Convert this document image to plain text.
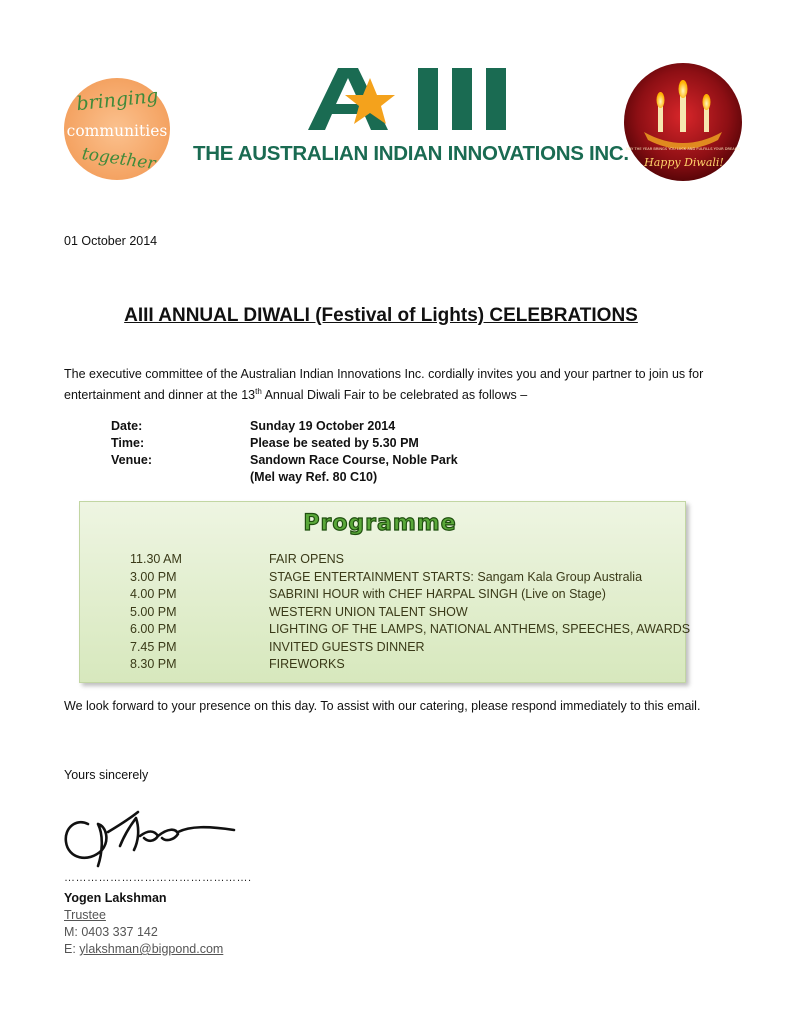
bringing
communities
together
AIII
THE AUSTRALIAN INDIAN INNOVATIONS INC.
MAY THE YEAR BRINGS YOU LUCK AND FULFILLS YOUR DREAMS
Happy Diwali!
01 October 2014
AIII ANNUAL DIWALI (Festival of Lights) CELEBRATIONS
The executive committee of the Australian Indian Innovations Inc. cordially invites you and your partner to join us for entertainment and dinner at the 13th Annual Diwali Fair to be celebrated as follows –
Date:	Sunday 19 October 2014
Time:	Please be seated by 5.30 PM
Venue:	Sandown Race Course, Noble Park
(Mel way Ref. 80 C10)
Programme
11.30 AM	FAIR OPENS
3.00 PM	STAGE ENTERTAINMENT STARTS: Sangam Kala Group Australia
4.00 PM	SABRINI HOUR with CHEF HARPAL SINGH (Live on Stage)
5.00 PM	WESTERN UNION TALENT SHOW
6.00 PM	LIGHTING OF THE LAMPS, NATIONAL ANTHEMS, SPEECHES, AWARDS
7.45 PM	INVITED GUESTS DINNER
8.30 PM	FIREWORKS
We look forward to your presence on this day. To assist with our catering, please respond immediately to this email.
Yours sincerely
………………………………………….
Yogen Lakshman
Trustee
M: 0403 337 142
E: ylakshman@bigpond.com
